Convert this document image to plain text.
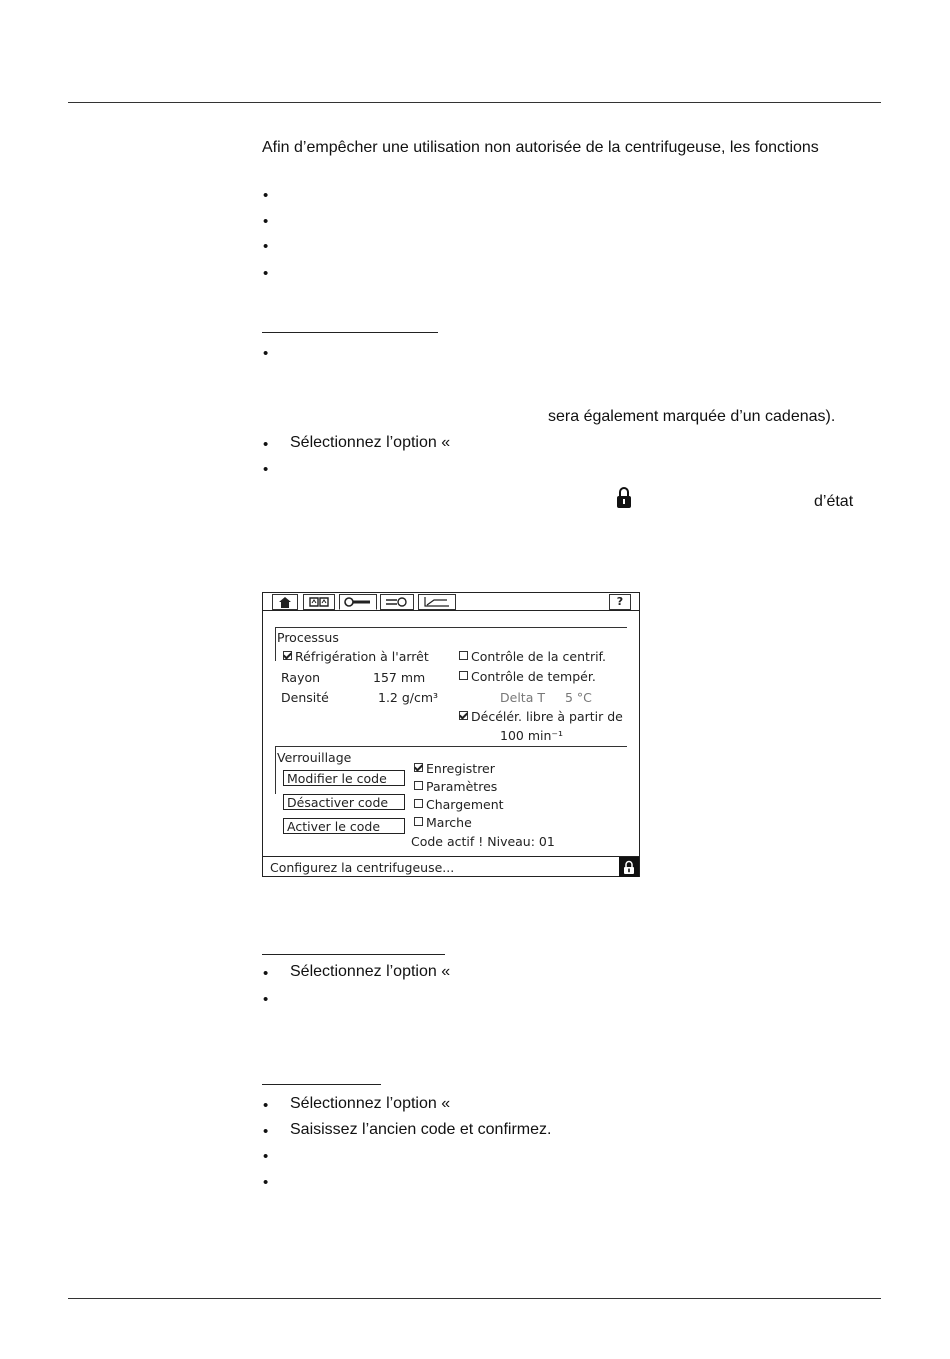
Afin d’empêcher une utilisation non autorisée de la centrifugeuse, les fonctions
•
•
•
•
•
sera également marquée d’un cadenas).
• Sélectionnez l’option «
•
d’état
?
Processus
Réfrigération à l'arrêt
Rayon	157 mm
Densité	1.2 g/cm³
Contrôle de la centrif.
Contrôle de tempér.
Delta T 5 °C
Décélér. libre à partir de
100 min⁻¹
Verrouillage
Modifier le code
Désactiver code
Activer le code
Enregistrer
Paramètres
Chargement
Marche
Code actif ! Niveau: 01
Configurez la centrifugeuse...
• Sélectionnez l’option «
•
• Sélectionnez l’option «
• Saisissez l’ancien code et confirmez.
•
•
